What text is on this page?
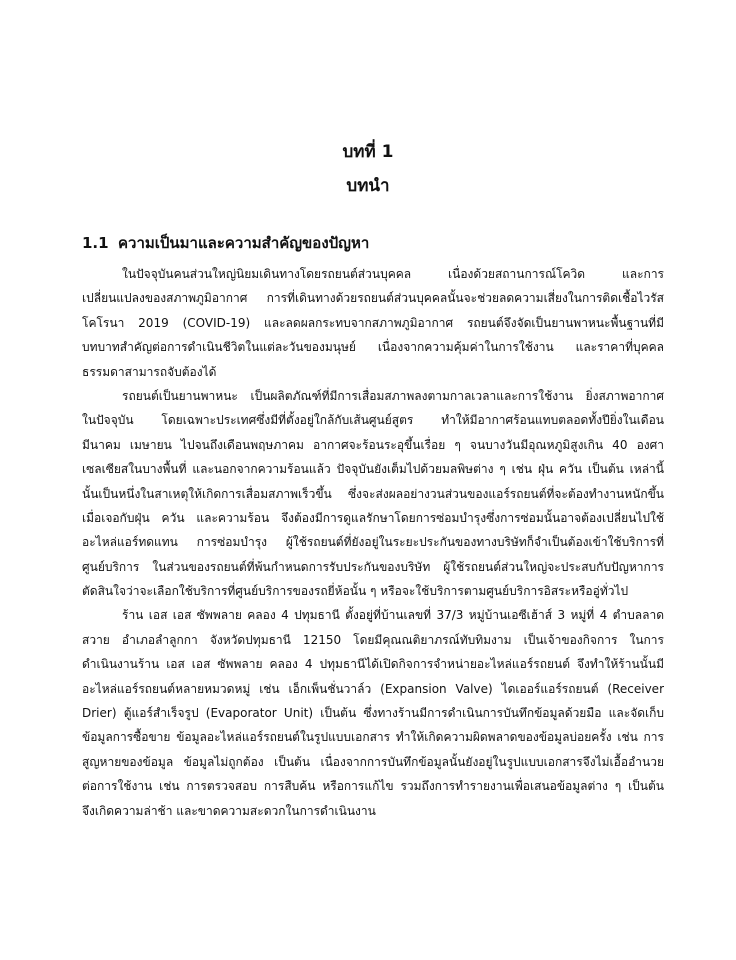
บทที่ 1
บทนำ
1.1 ความเป็นมาและความสำคัญของปัญหา
ในปัจจุบันคนส่วนใหญ่นิยมเดินทางโดยรถยนต์ส่วนบุคคล เนื่องด้วยสถานการณ์โควิด และการ
เปลี่ยนแปลงของสภาพภูมิอากาศ การที่เดินทางด้วยรถยนต์ส่วนบุคคลนั้นจะช่วยลดความเสี่ยงในการติดเชื้อไวรัส
โคโรนา 2019 (COVID-19) และลดผลกระทบจากสภาพภูมิอากาศ รถยนต์จึงจัดเป็นยานพาหนะพื้นฐานที่มี
บทบาทสำคัญต่อการดำเนินชีวิตในแต่ละวันของมนุษย์ เนื่องจากความคุ้มค่าในการใช้งาน และราคาที่บุคคล
ธรรมดาสามารถจับต้องได้
รถยนต์เป็นยานพาหนะ เป็นผลิตภัณฑ์ที่มีการเสื่อมสภาพลงตามกาลเวลาและการใช้งาน ยิ่งสภาพอากาศ
ในปัจจุบัน โดยเฉพาะประเทศซึ่งมีที่ตั้งอยู่ใกล้กับเส้นศูนย์สูตร ทำให้มีอากาศร้อนแทบตลอดทั้งปียิ่งในเดือน
มีนาคม เมษายน ไปจนถึงเดือนพฤษภาคม อากาศจะร้อนระอุขึ้นเรื่อย ๆ จนบางวันมีอุณหภูมิสูงเกิน 40 องศา
เซลเซียสในบางพื้นที่ และนอกจากความร้อนแล้ว ปัจจุบันยังเต็มไปด้วยมลพิษต่าง ๆ เช่น ฝุ่น ควัน เป็นต้น เหล่านี้
นั้นเป็นหนึ่งในสาเหตุให้เกิดการเสื่อมสภาพเร็วขึ้น ซึ่งจะส่งผลอย่างวนส่วนของแอร์รถยนต์ที่จะต้องทำงานหนักขึ้น
เมื่อเจอกับฝุ่น ควัน และความร้อน จึงต้องมีการดูแลรักษาโดยการซ่อมบำรุงซึ่งการซ่อมนั้นอาจต้องเปลี่ยนไปใช้
อะไหล่แอร์ทดแทน การซ่อมบำรุง ผู้ใช้รถยนต์ที่ยังอยู่ในระยะประกันของทางบริษัทก็จำเป็นต้องเข้าใช้บริการที่
ศูนย์บริการ ในส่วนของรถยนต์ที่พ้นกำหนดการรับประกันของบริษัท ผู้ใช้รถยนต์ส่วนใหญ่จะประสบกับปัญหาการ
ตัดสินใจว่าจะเลือกใช้บริการที่ศูนย์บริการของรถยี่ห้อนั้น ๆ หรือจะใช้บริการตามศูนย์บริการอิสระหรืออู่ทั่วไป
ร้าน เอส เอส ซัพพลาย คลอง 4 ปทุมธานี ตั้งอยู่ที่บ้านเลขที่ 37/3 หมู่บ้านเอซีเฮ้าส์ 3 หมู่ที่ 4 ตำบลลาด
สวาย อำเภอลำลูกกา จังหวัดปทุมธานี 12150 โดยมีคุณณติยาภรณ์ทับทิมงาม เป็นเจ้าของกิจการ ในการ
ดำเนินงานร้าน เอส เอส ซัพพลาย คลอง 4 ปทุมธานีได้เปิดกิจการจำหน่ายอะไหล่แอร์รถยนต์ จึงทำให้ร้านนั้นมี
อะไหล่แอร์รถยนต์หลายหมวดหมู่ เช่น เอ็กเพ็นชั่นวาล์ว (Expansion Valve) ไดเออร์แอร์รถยนต์ (Receiver
Drier) ตู้แอร์สำเร็จรูป (Evaporator Unit) เป็นต้น ซึ่งทางร้านมีการดำเนินการบันทึกข้อมูลด้วยมือ และจัดเก็บ
ข้อมูลการซื้อขาย ข้อมูลอะไหล่แอร์รถยนต์ในรูปแบบเอกสาร ทำให้เกิดความผิดพลาดของข้อมูลบ่อยครั้ง เช่น การ
สูญหายของข้อมูล ข้อมูลไม่ถูกต้อง เป็นต้น เนื่องจากการบันทึกข้อมูลนั้นยังอยู่ในรูปแบบเอกสารจึงไม่เอื้ออำนวย
ต่อการใช้งาน เช่น การตรวจสอบ การสืบค้น หรือการแก้ไข รวมถึงการทำรายงานเพื่อเสนอข้อมูลต่าง ๆ เป็นต้น
จึงเกิดความล่าช้า และขาดความสะดวกในการดำเนินงาน
